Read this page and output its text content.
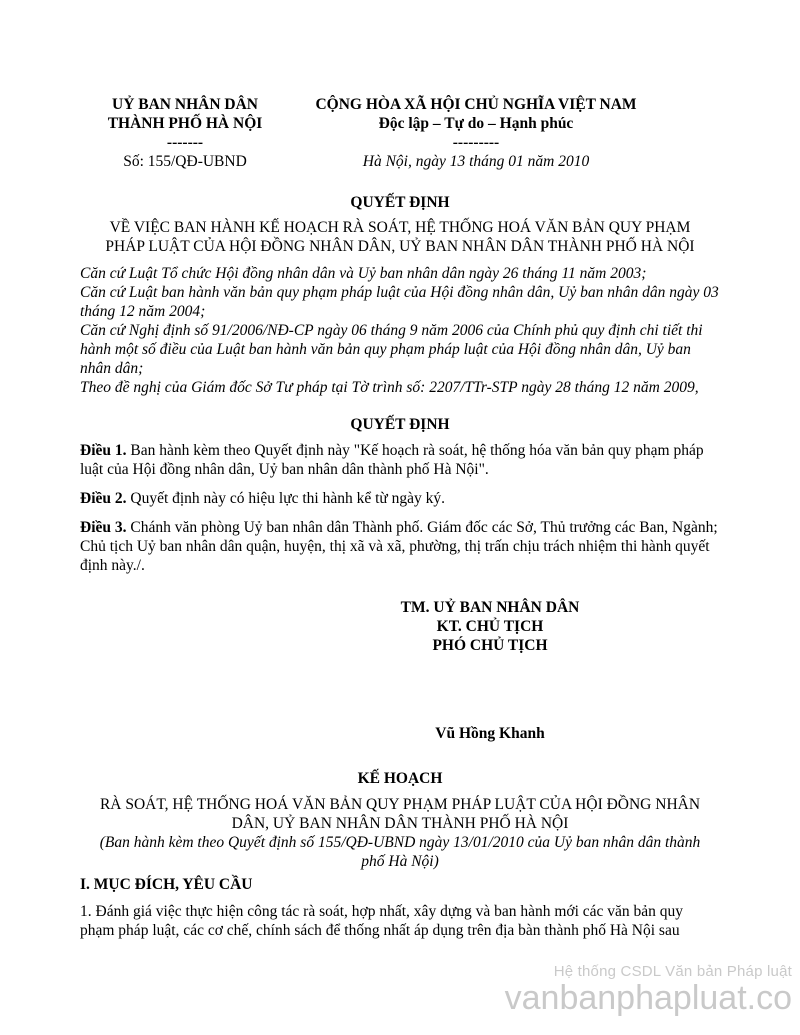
UỶ BAN NHÂN DÂN
THÀNH PHỐ HÀ NỘI
-------
Số: 155/QĐ-UBND
CỘNG HÒA XÃ HỘI CHỦ NGHĨA VIỆT NAM
Độc lập – Tự do – Hạnh phúc
---------
Hà Nội, ngày 13 tháng 01 năm 2010
QUYẾT ĐỊNH
VỀ VIỆC BAN HÀNH KẾ HOẠCH RÀ SOÁT, HỆ THỐNG HOÁ VĂN BẢN QUY PHẠM
PHÁP LUẬT CỦA HỘI ĐỒNG NHÂN DÂN, UỶ BAN NHÂN DÂN THÀNH PHỐ HÀ NỘI

Căn cứ Luật Tổ chức Hội đồng nhân dân và Uỷ ban nhân dân ngày 26 tháng 11 năm 2003;

Căn cứ Luật ban hành văn bản quy phạm pháp luật của Hội đồng nhân dân, Uỷ ban nhân dân ngày 03 tháng 12 năm 2004;

Căn cứ Nghị định số 91/2006/NĐ-CP ngày 06 tháng 9 năm 2006 của Chính phủ quy định chi tiết thi hành một số điều của Luật ban hành văn bản quy phạm pháp luật của Hội đồng nhân dân, Uỷ ban nhân dân;

Theo đề nghị của Giám đốc Sở Tư pháp tại Tờ trình số: 2207/TTr-STP ngày 28 tháng 12 năm 2009,

QUYẾT ĐỊNH

Điều 1. Ban hành kèm theo Quyết định này "Kế hoạch rà soát, hệ thống hóa văn bản quy phạm pháp luật của Hội đồng nhân dân, Uỷ ban nhân dân thành phố Hà Nội".

Điều 2. Quyết định này có hiệu lực thi hành kể từ ngày ký.

Điều 3. Chánh văn phòng Uỷ ban nhân dân Thành phố. Giám đốc các Sở, Thủ trưởng các Ban, Ngành; Chủ tịch Uỷ ban nhân dân quận, huyện, thị xã và xã, phường, thị trấn chịu trách nhiệm thi hành quyết định này./.

TM. UỶ BAN NHÂN DÂN
KT. CHỦ TỊCH
PHÓ CHỦ TỊCH
Vũ Hồng Khanh
KẾ HOẠCH
RÀ SOÁT, HỆ THỐNG HOÁ VĂN BẢN QUY PHẠM PHÁP LUẬT CỦA HỘI ĐỒNG NHÂN
DÂN, UỶ BAN NHÂN DÂN THÀNH PHỐ HÀ NỘI
(Ban hành kèm theo Quyết định số 155/QĐ-UBND ngày 13/01/2010 của Uỷ ban nhân dân thành
phố Hà Nội)
I. MỤC ĐÍCH, YÊU CẦU
1. Đánh giá việc thực hiện công tác rà soát, hợp nhất, xây dựng và ban hành mới các văn bản quy phạm pháp luật, các cơ chế, chính sách để thống nhất áp dụng trên địa bàn thành phố Hà Nội sau
Hệ thống CSDL Văn bản Pháp luật
vanbanphapluat.co
